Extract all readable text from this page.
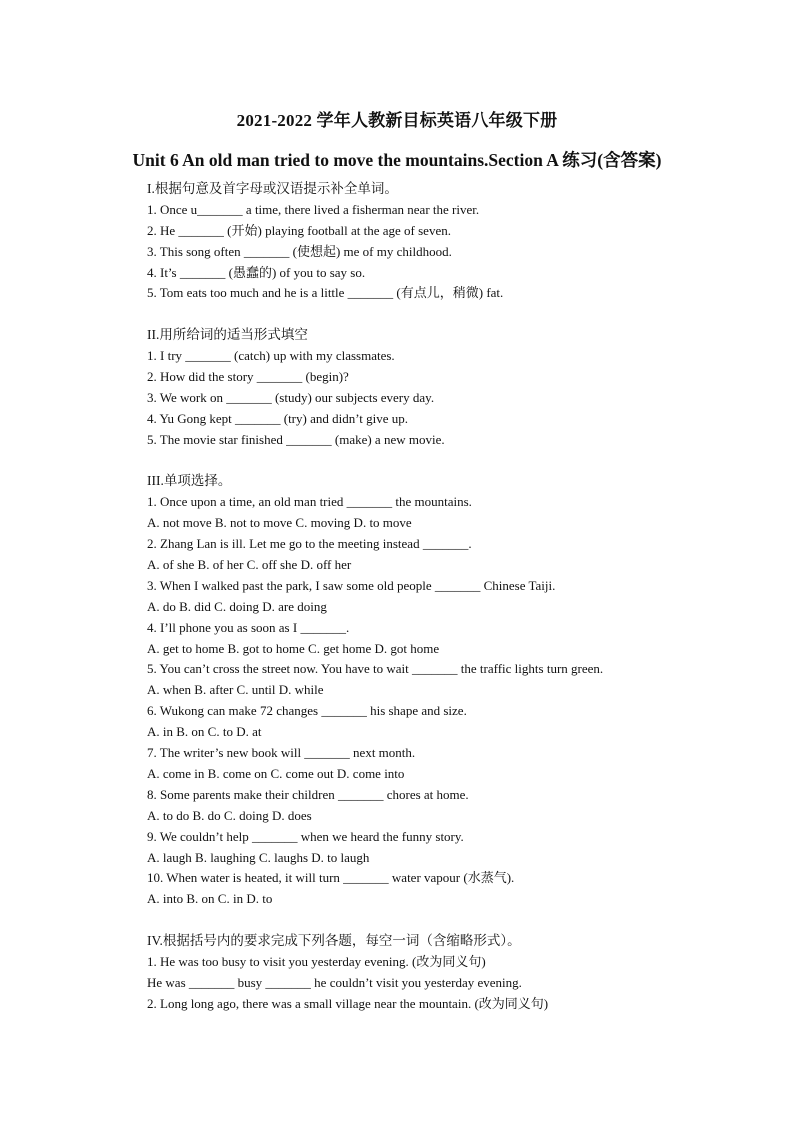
2021-2022 学年人教新目标英语八年级下册
Unit 6 An old man tried to move the mountains.Section A 练习(含答案)
I.根据句意及首字母或汉语提示补全单词。
1. Once u_______ a time, there lived a fisherman near the river.
2. He _______ (开始) playing football at the age of seven.
3. This song often _______ (使想起) me of my childhood.
4. It’s _______ (愚蠢的) of you to say so.
5. Tom eats too much and he is a little _______ (有点儿，稍微) fat.
II.用所给词的适当形式填空
1. I try _______ (catch) up with my classmates.
2. How did the story _______ (begin)?
3. We work on _______ (study) our subjects every day.
4. Yu Gong kept _______ (try) and didn’t give up.
5. The movie star finished _______ (make) a new movie.
III.单项选择。
1. Once upon a time, an old man tried _______ the mountains.
A. not move B. not to move C. moving D. to move
2. Zhang Lan is ill. Let me go to the meeting instead _______.
A. of she B. of her C. off she D. off her
3. When I walked past the park, I saw some old people _______ Chinese Taiji.
A. do B. did C. doing D. are doing
4. I’ll phone you as soon as I _______.
A. get to home B. got to home C. get home D. got home
5. You can’t cross the street now. You have to wait _______ the traffic lights turn green.
A. when B. after C. until D. while
6. Wukong can make 72 changes _______ his shape and size.
A. in B. on C. to D. at
7. The writer’s new book will _______ next month.
A. come in B. come on C. come out D. come into
8. Some parents make their children _______ chores at home.
A. to do B. do C. doing D. does
9. We couldn’t help _______ when we heard the funny story.
A. laugh B. laughing C. laughs D. to laugh
10. When water is heated, it will turn _______ water vapour (水蒸气).
A. into B. on C. in D. to
IV.根据括号内的要求完成下列各题，每空一词（含缩略形式）。
1. He was too busy to visit you yesterday evening. (改为同义句)
He was _______ busy _______ he couldn’t visit you yesterday evening.
2. Long long ago, there was a small village near the mountain. (改为同义句)
